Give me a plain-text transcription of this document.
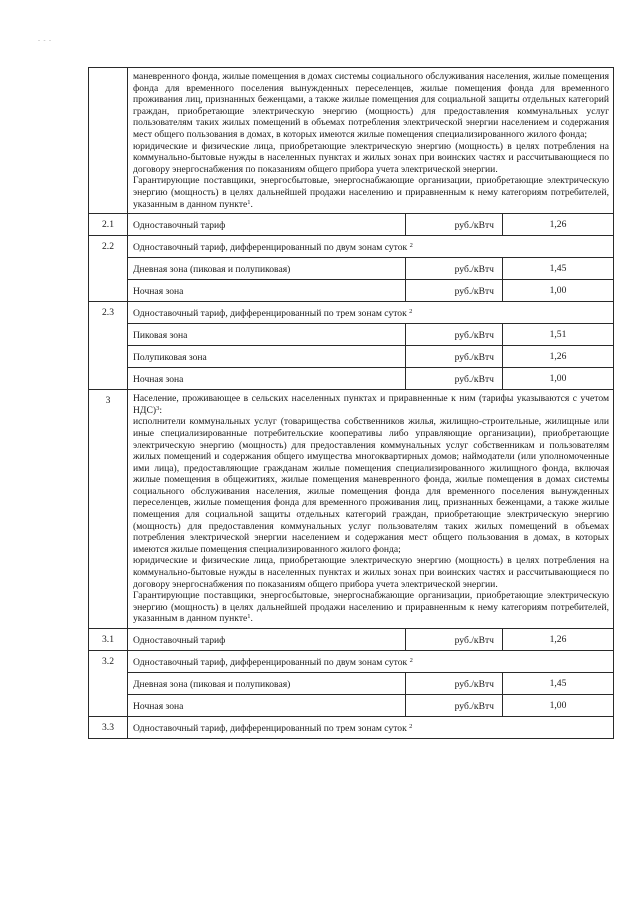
- - -

	маневренного фонда, жилые помещения в домах системы социального обслуживания населения, жилые помещения фонда для временного поселения вынужденных переселенцев, жилые помещения фонда для временного проживания лиц, признанных беженцами, а также жилые помещения для социальной защиты отдельных категорий граждан, приобретающие электрическую энергию (мощность) для предоставления коммунальных услуг пользователям таких жилых помещений в объемах потребления электрической энергии населением и содержания мест общего пользования в домах, в которых имеются жилые помещения специализированного жилого фонда;

юридические и физические лица, приобретающие электрическую энергию (мощность) в целях потребления на коммунально-бытовые нужды в населенных пунктах и жилых зонах при воинских частях и рассчитывающиеся по договору энергоснабжения по показаниям общего прибора учета электрической энергии.

Гарантирующие поставщики, энергосбытовые, энергоснабжающие организации, приобретающие электрическую энергию (мощность) в целях дальнейшей продажи населению и приравненным к нему категориям потребителей, указанным в данном пункте$^1$.		

2.1	Одноставочный тариф	руб./кВтч	1,26
2.2	Одноставочный тариф, дифференцированный по двум зонам суток $^2$
	Дневная зона (пиковая и полупиковая)	руб./кВтч	1,45
	Ночная зона	руб./кВтч	1,00
2.3	Одноставочный тариф, дифференцированный по трем зонам суток $^2$
	Пиковая зона	руб./кВтч	1,51
	Полупиковая зона	руб./кВтч	1,26
	Ночная зона	руб./кВтч	1,00
3	Население, проживающее в сельских населенных пунктах и приравненные к ним (тарифы указываются с учетом НДС)$^3$:

исполнители коммунальных услуг (товарищества собственников жилья, жилищно-строительные, жилищные или иные специализированные потребительские кооперативы либо управляющие организации), приобретающие электрическую энергию (мощность) для предоставления коммунальных услуг собственникам и пользователям жилых помещений и содержания общего имущества многоквартирных домов; наймодатели (или уполномоченные ими лица), предоставляющие гражданам жилые помещения специализированного жилищного фонда, включая жилые помещения в общежитиях, жилые помещения маневренного фонда, жилые помещения в домах системы социального обслуживания населения, жилые помещения фонда для временного поселения вынужденных переселенцев, жилые помещения фонда для временного проживания лиц, признанных беженцами, а также жилые помещения для социальной защиты отдельных категорий граждан, приобретающие электрическую энергию (мощность) для предоставления коммунальных услуг пользователям таких жилых помещений в объемах потребления электрической энергии населением и содержания мест общего пользования в домах, в которых имеются жилые помещения специализированного жилого фонда;

юридические и физические лица, приобретающие электрическую энергию (мощность) в целях потребления на коммунально-бытовые нужды в населенных пунктах и жилых зонах при воинских частях и рассчитывающиеся по договору энергоснабжения по показаниям общего прибора учета электрической энергии.

Гарантирующие поставщики, энергосбытовые, энергоснабжающие организации, приобретающие электрическую энергию (мощность) в целях дальнейшей продажи населению и приравненным к нему категориям потребителей, указанным в данном пункте$^1$.		

3.1	Одноставочный тариф	руб./кВтч	1,26
3.2	Одноставочный тариф, дифференцированный по двум зонам суток $^2$
	Дневная зона (пиковая и полупиковая)	руб./кВтч	1,45
	Ночная зона	руб./кВтч	1,00
3.3	Одноставочный тариф, дифференцированный по трем зонам суток $^2$
